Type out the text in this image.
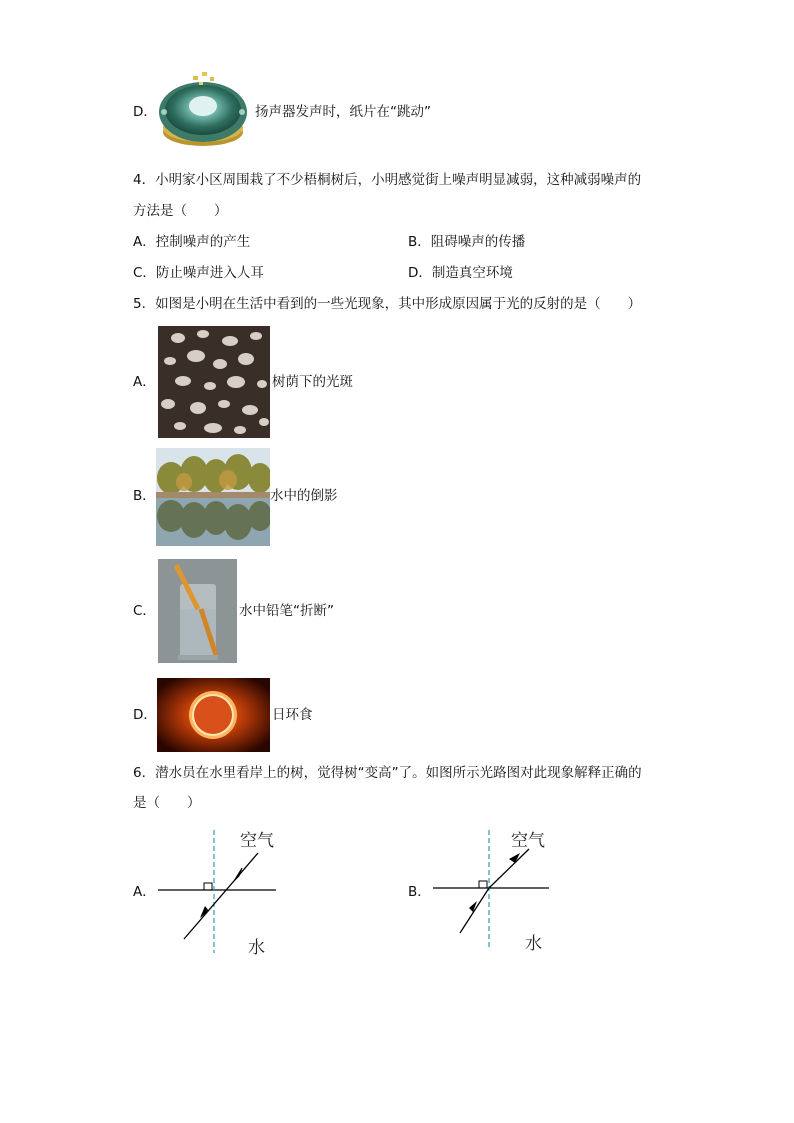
D．	扬声器发声时，纸片在“跳动”
4．小明家小区周围栽了不少梧桐树后，小明感觉街上噪声明显减弱，这种减弱噪声的
方法是（　　）
A．控制噪声的产生	B．阻碍噪声的传播
C．防止噪声进入人耳	D．制造真空环境
5．如图是小明在生活中看到的一些光现象，其中形成原因属于光的反射的是（　　）
A．	树荫下的光斑
B．	水中的倒影
C．	水中铅笔“折断”
D．	日环食
6．潜水员在水里看岸上的树，觉得树“变高”了。如图所示光路图对此现象解释正确的
是（　　）
A．
空气
水
B．
空气
水
